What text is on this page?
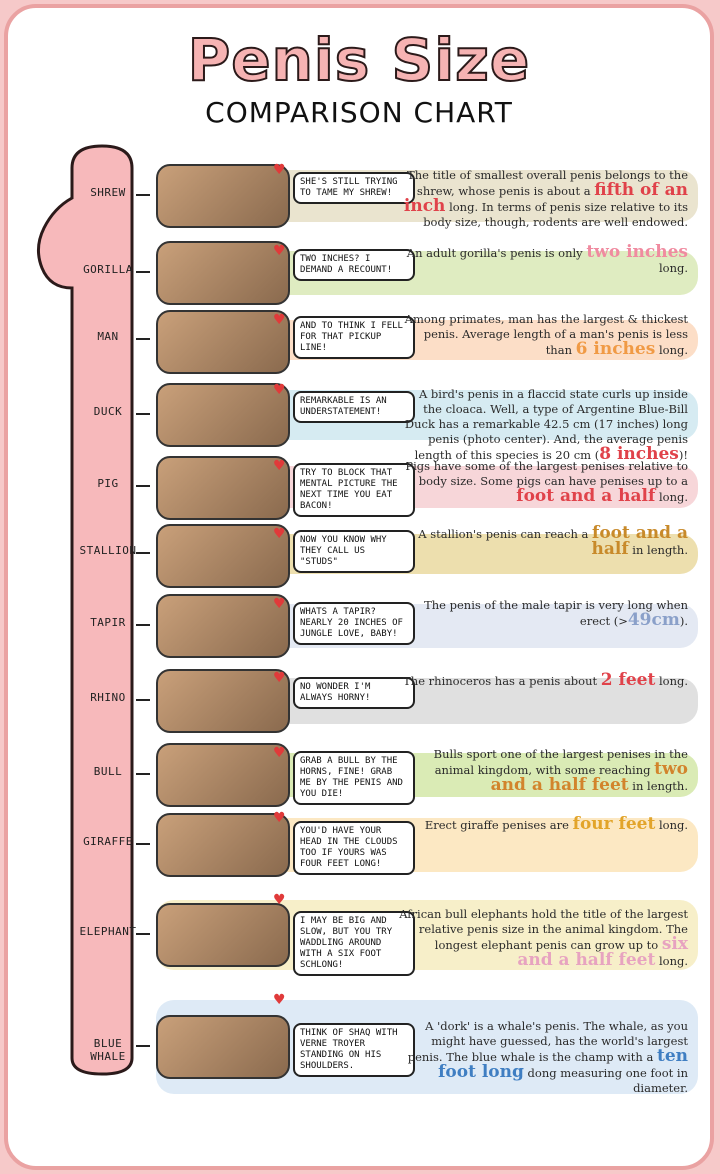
Penis Size
COMPARISON CHART
SHREW
♥
SHE'S STILL TRYING TO TAME MY SHREW!
The title of smallest overall penis belongs to the shrew, whose penis is about a fifth of an inch long. In terms of penis size relative to its body size, though, rodents are well endowed.
GORILLA
♥	TWO INCHES? I DEMAND A RECOUNT!
An adult gorilla's penis is only two inches long.
MAN
♥	AND TO THINK I FELL FOR THAT PICKUP LINE!
Among primates, man has the largest & thickest penis. Average length of a man's penis is less than 6 inches long.
DUCK
♥
REMARKABLE IS AN UNDERSTATEMENT!
A bird's penis in a flaccid state curls up inside the cloaca. Well, a type of Argentine Blue-Bill Duck has a remarkable 42.5 cm (17 inches) long penis (photo center). And, the average penis length of this species is 20 cm (8 inches)!
PIG
♥	TRY TO BLOCK THAT MENTAL PICTURE THE NEXT TIME YOU EAT BACON!
Pigs have some of the largest penises relative to body size. Some pigs can have penises up to a foot and a half long.
STALLION
♥	NOW YOU KNOW WHY THEY CALL US "STUDS"
A stallion's penis can reach a foot and a half in length.
TAPIR
♥	WHATS A TAPIR? NEARLY 20 INCHES OF JUNGLE LOVE, BABY!
The penis of the male tapir is very long when erect (>49cm).
RHINO
♥
NO WONDER I'M ALWAYS HORNY!
The rhinoceros has a penis about 2 feet long.
BULL
♥	GRAB A BULL BY THE HORNS, FINE! GRAB ME BY THE PENIS AND YOU DIE!
Bulls sport one of the largest penises in the animal kingdom, with some reaching two and a half feet in length.
GIRAFFE
♥
YOU'D HAVE YOUR HEAD IN THE CLOUDS TOO IF YOURS WAS FOUR FEET LONG!
Erect giraffe penises are four feet long.
ELEPHANT
♥
I MAY BE BIG AND SLOW, BUT YOU TRY WADDLING AROUND WITH A SIX FOOT SCHLONG!
African bull elephants hold the title of the largest relative penis size in the animal kingdom. The longest elephant penis can grow up to six and a half feet long.
BLUE WHALE
♥
THINK OF SHAQ WITH VERNE TROYER STANDING ON HIS SHOULDERS.
A 'dork' is a whale's penis. The whale, as you might have guessed, has the world's largest penis. The blue whale is the champ with a ten foot long dong measuring one foot in diameter.
